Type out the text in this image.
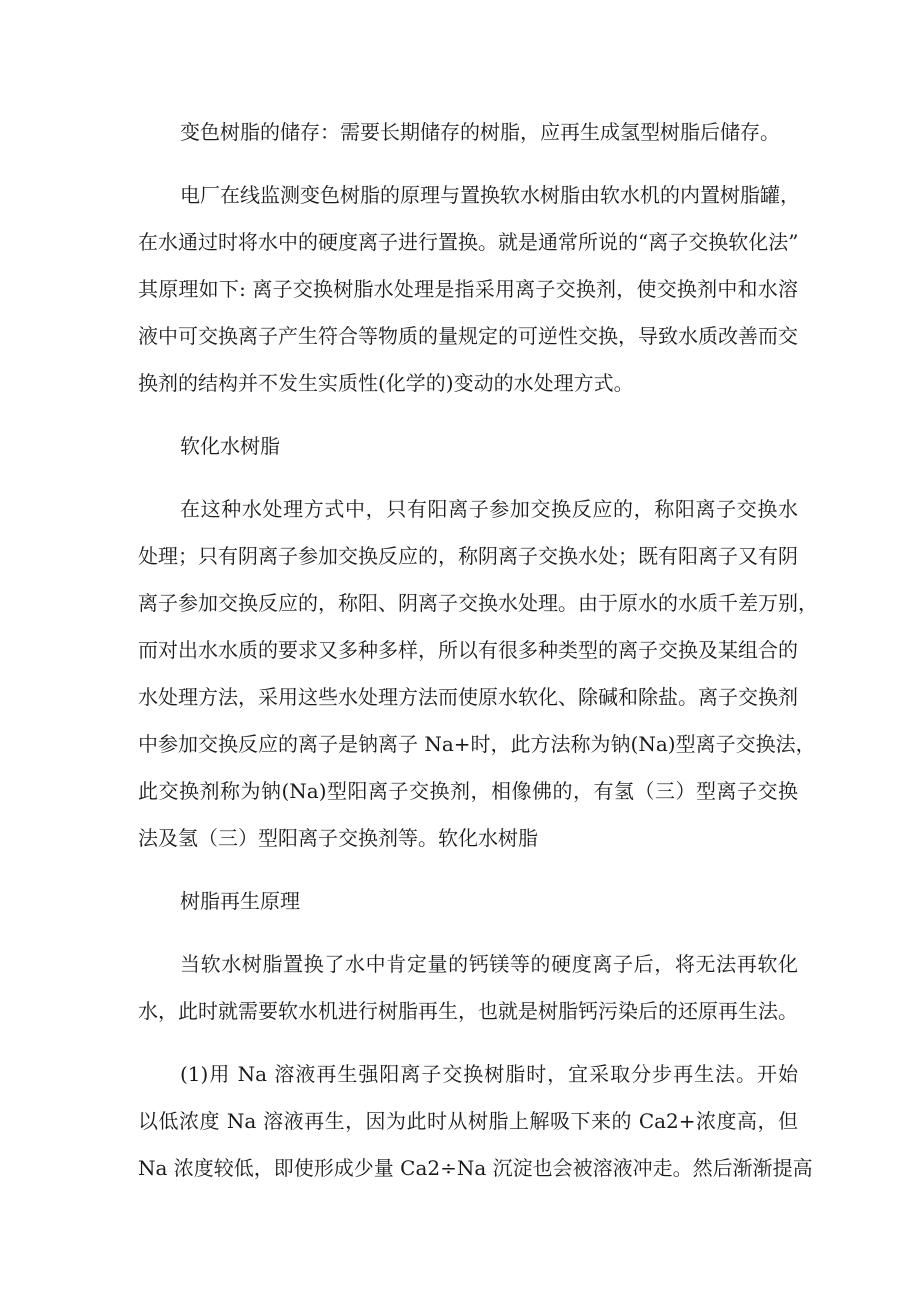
变色树脂的储存：需要长期储存的树脂，应再生成氢型树脂后储存。
电厂在线监测变色树脂的原理与置换软水树脂由软水机的内置树脂罐，
在水通过时将水中的硬度离子进行置换。就是通常所说的“离子交换软化法”
其原理如下: 离子交换树脂水处理是指采用离子交换剂，使交换剂中和水溶
液中可交换离子产生符合等物质的量规定的可逆性交换，导致水质改善而交
换剂的结构并不发生实质性(化学的)变动的水处理方式。
软化水树脂
在这种水处理方式中，只有阳离子参加交换反应的，称阳离子交换水
处理；只有阴离子参加交换反应的，称阴离子交换水处；既有阳离子又有阴
离子参加交换反应的，称阳、阴离子交换水处理。由于原水的水质千差万别，
而对出水水质的要求又多种多样，所以有很多种类型的离子交换及某组合的
水处理方法，采用这些水处理方法而使原水软化、除碱和除盐。离子交换剂
中参加交换反应的离子是钠离子 Na+时，此方法称为钠(Na)型离子交换法，
此交换剂称为钠(Na)型阳离子交换剂，相像佛的，有氢（三）型离子交换
法及氢（三）型阳离子交换剂等。软化水树脂
树脂再生原理
当软水树脂置换了水中肯定量的钙镁等的硬度离子后，将无法再软化
水，此时就需要软水机进行树脂再生，也就是树脂钙污染后的还原再生法。
(1)用 Na 溶液再生强阳离子交换树脂时，宜采取分步再生法。开始
以低浓度 Na 溶液再生，因为此时从树脂上解吸下来的 Ca2+浓度高，但
Na 浓度较低，即使形成少量 Ca2÷Na 沉淀也会被溶液冲走。然后渐渐提高
